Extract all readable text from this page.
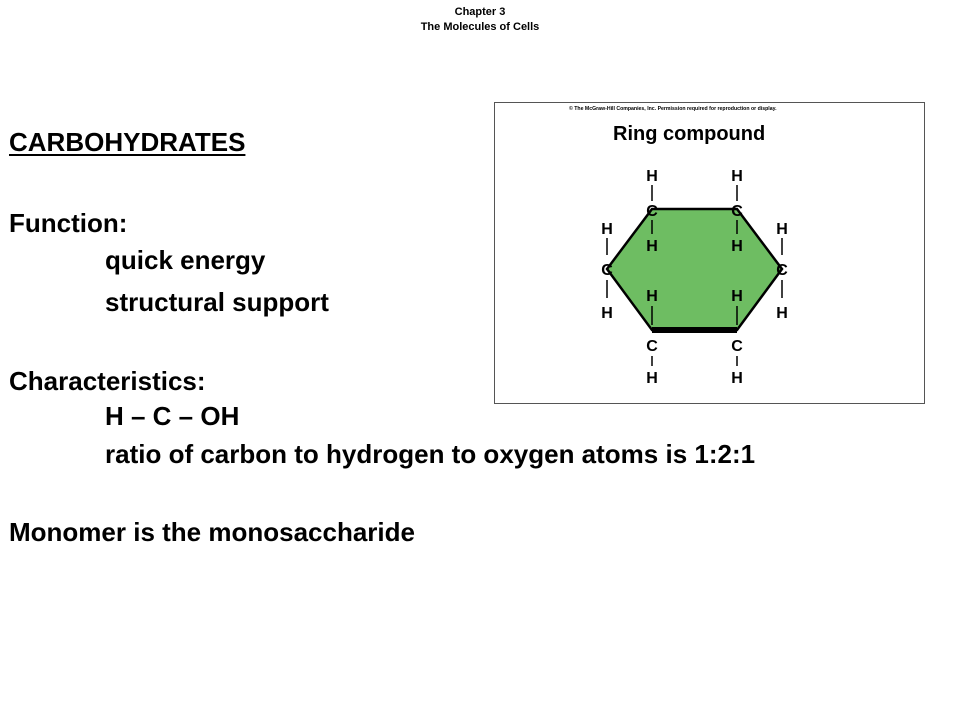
Chapter 3
The Molecules of Cells
CARBOHYDRATES
Function:
quick energy
structural support
Characteristics:
H – C – OH
ratio of carbon to hydrogen to oxygen atoms is 1:2:1
Monomer is the monosaccharide
© The McGraw-Hill Companies, Inc. Permission required for reproduction or display.
Ring compound
H
C
H
H
C
H
H
C
H
H
C
H
H
C
H
H
C
H
